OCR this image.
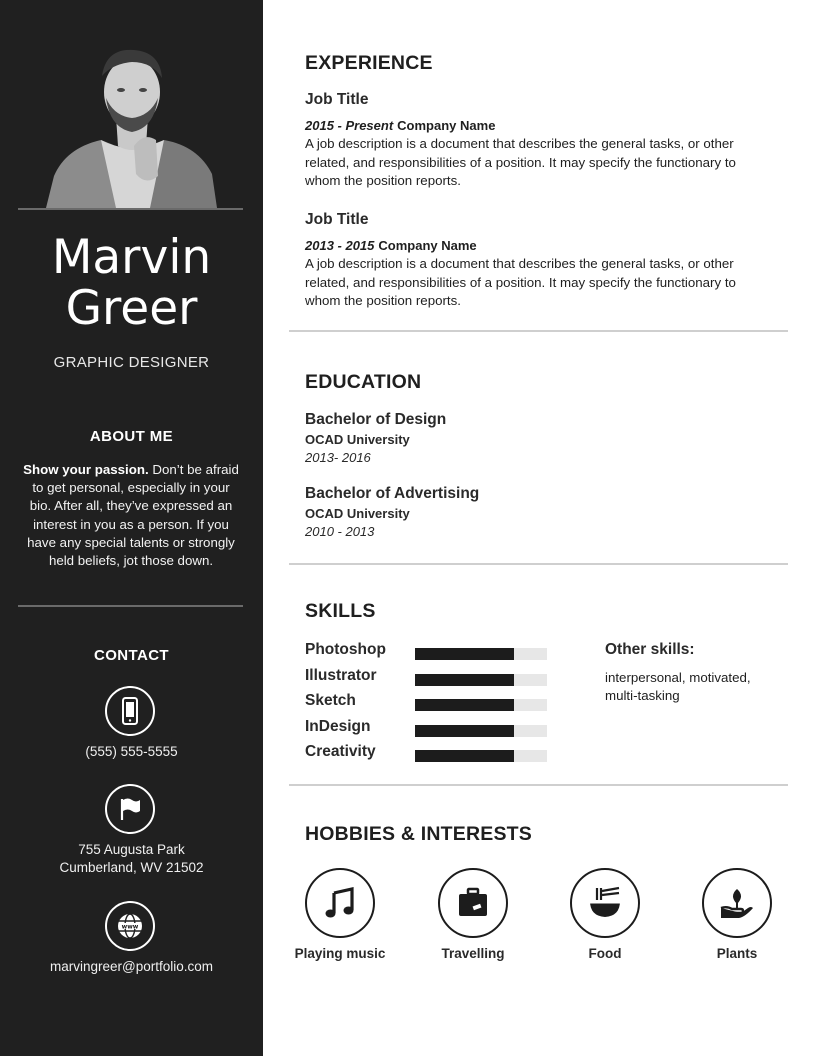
Marvin
Greer
GRAPHIC DESIGNER
ABOUT ME
Show your passion. Don’t be afraid to get personal, especially in your bio. After all, they’ve expressed an interest in you as a person. If you have any special talents or strongly held beliefs, jot those down.
CONTACT
(555) 555-5555
755 Augusta Park
Cumberland, WV 21502
www
marvingreer@portfolio.com
EXPERIENCE
Job Title
2015 - Present Company Name
A job description is a document that describes the general tasks, or other related, and responsibilities of a position. It may specify the functionary to whom the position reports.
Job Title
2013 - 2015 Company Name
A job description is a document that describes the general tasks, or other related, and responsibilities of a position. It may specify the functionary to whom the position reports.
EDUCATION
Bachelor of Design
OCAD University
2013- 2016
Bachelor of Advertising
OCAD University
2010 - 2013
SKILLS
Photoshop
Illustrator
Sketch
InDesign
Creativity
Other skills:
interpersonal, motivated, multi-tasking
HOBBIES & INTERESTS
Playing music	Travelling	Food	Plants
